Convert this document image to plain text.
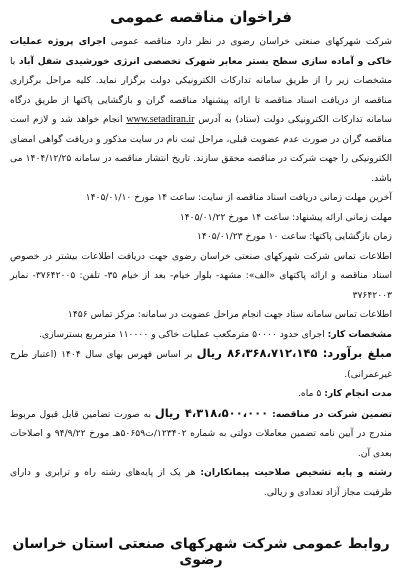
فراخوان مناقصه عمومی

شرکت شهرکهای صنعتی خراسان رضوی در نظر دارد مناقصه عمومی اجرای پروژه عملیات خاکی و آماده سازی سطح بستر معابر شهرک تخصصی انرژی خورشیدی شفل آباد با مشخصات زیر را از طریق سامانه تدارکات الکترونیکی دولت برگزار نماید. کلیه مراحل برگزاری مناقصه از دریافت اسناد مناقصه تا ارائه پیشنهاد مناقصه گران و بازگشایی پاکتها از طریق درگاه سامانه تدارکات الکترونیکی دولت (ستاد) به آدرس www.setadiran.ir انجام خواهد شد و لازم است مناقصه گران در صورت عدم عضویت قبلی، مراحل ثبت نام در سایت مذکور و دریافت گواهی امضای الکترونیکی را جهت شرکت در مناقصه محقق سازند. تاریخ انتشار مناقصه در سامانه ۱۴۰۴/۱۲/۲۵ می باشد.

آخرین مهلت زمانی دریافت اسناد مناقصه از سایت: ساعت ۱۴ مورخ ۱۴۰۵/۰۱/۱۰

مهلت زمانی ارائه پیشنهاد: ساعت ۱۴ مورخ ۱۴۰۵/۰۱/۲۲

زمان بازگشایی پاکتها: ساعت ۱۰ مورخ ۱۴۰۵/۰۱/۲۳

اطلاعات تماس شرکت شهرکهای صنعتی خراسان رضوی جهت دریافت اطلاعات بیشتر در خصوص اسناد مناقصه و ارائه پاکتهای «الف»: مشهد- بلوار خیام- بعد از خیام ۳۵- تلفن: ۳۷۶۴۲۰۰۵- نمابر ۳۷۶۴۲۰۰۳

اطلاعات تماس سامانه ستاد جهت انجام مراحل عضویت در سامانه: مرکز تماس ۱۴۵۶

مشخصات کار: اجرای حدود ۵۰۰۰۰ مترمکعب عملیات خاکی و ۱۱۰۰۰۰ مترمربع بسترسازی.

مبلغ برآورد: ۸۶،۳۶۸،۷۱۲،۱۴۵ ریال بر اساس فهرس بهای سال ۱۴۰۴ (اعتبار طرح غیرعمرانی).

مدت انجام کار: ۵ ماه.

تضمین شرکت در مناقصه: ۴،۳۱۸،۵۰۰،۰۰۰ ریال به صورت تضامین قابل قبول مربوط مندرج در آیین نامه تضمین معاملات دولتی به شماره ۱۲۳۴۰۲/ت۵۰۶۵۹هـ مورخ ۹۴/۹/۲۲ و اصلاحات بعدی آن.

رشته و پایه تشخیص صلاحیت پیمانکاران: هر یک از پایه‌های رشته راه و ترابری و دارای ظرفیت مجاز آزاد تعدادی و ریالی.

روابط عمومی شرکت شهرکهای صنعتی استان خراسان رضوی
